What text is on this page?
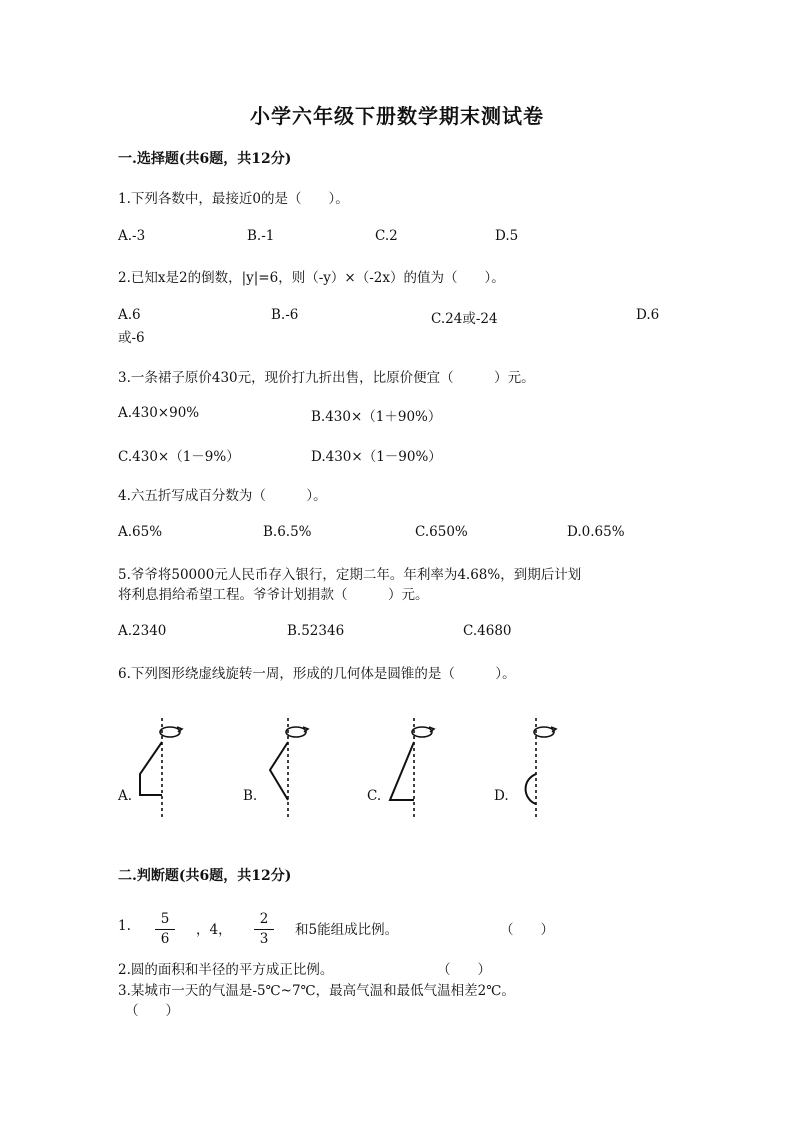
小学六年级下册数学期末测试卷
一.选择题(共6题，共12分)
1.下列各数中，最接近0的是（　　）。
A.-3	B.-1	C.2	D.5
2.已知x是2的倒数，|y|=6，则（-y）×（-2x）的值为（　　）。
A.6	B.-6	C.24或-24	D.6
或-6
3.一条裙子原价430元，现价打九折出售，比原价便宜（　　　）元。
A.430×90%	B.430×（1＋90%）
C.430×（1－9%）	D.430×（1－90%）
4.六五折写成百分数为（　　　）。
A.65%	B.6.5%	C.650%	D.0.65%
5.爷爷将50000元人民币存入银行，定期二年。年利率为4.68%，到期后计划
将利息捐给希望工程。爷爷计划捐款（　　　）元。
A.2340	B.52346	C.4680
6.下列图形绕虚线旋转一周，形成的几何体是圆锥的是（　　　）。
A.	B.	C.	D.
二.判断题(共6题，共12分)
1.	5
6
，4，
2
3
和5能组成比例。	（　　）
2.圆的面积和半径的平方成正比例。	（　　）
3.某城市一天的气温是-5℃~7℃，最高气温和最低气温相差2℃。
（　　）
